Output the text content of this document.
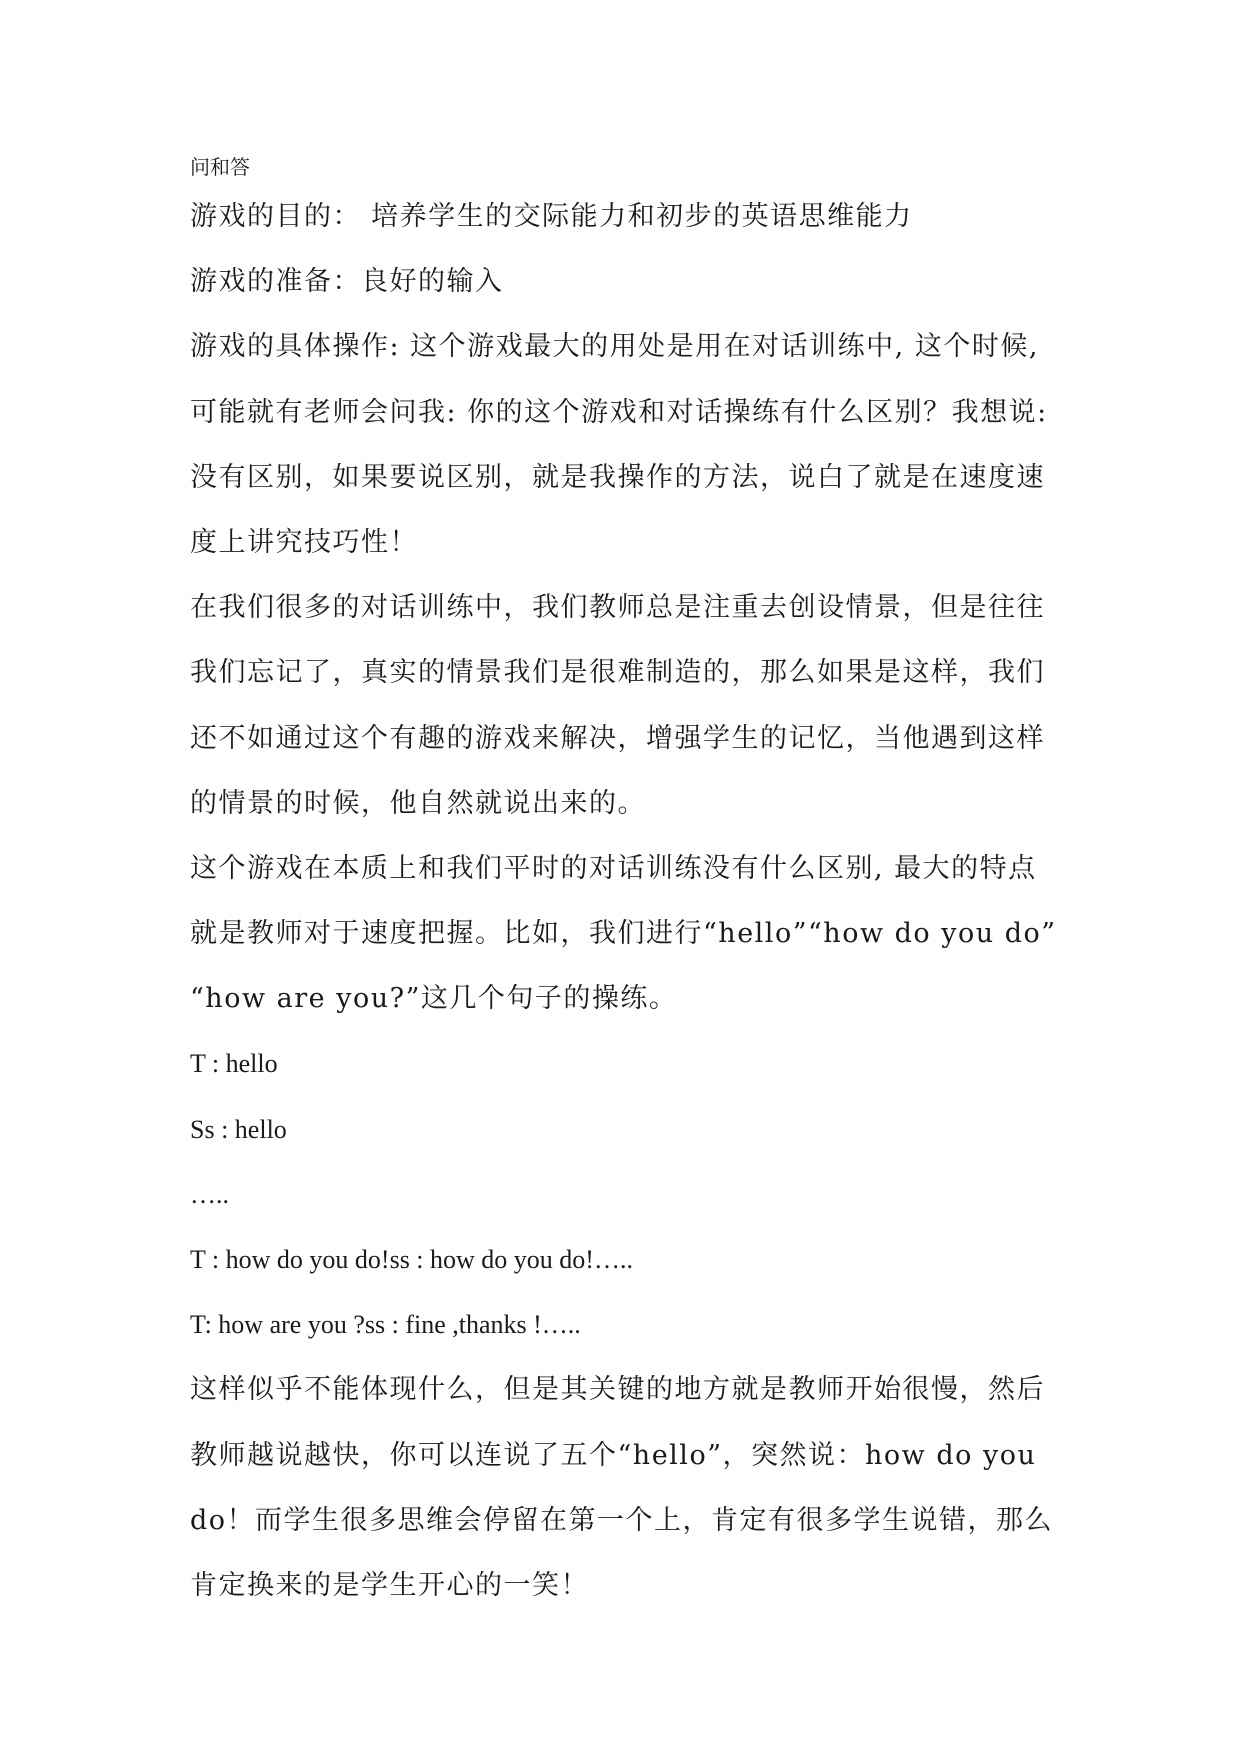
问和答

游戏的目的： 培养学生的交际能力和初步的英语思维能力

游戏的准备：良好的输入

游戏的具体操作: 这个游戏最大的用处是用在对话训练中, 这个时候,

可能就有老师会问我: 你的这个游戏和对话操练有什么区别？我想说:

没有区别，如果要说区别，就是我操作的方法，说白了就是在速度速

度上讲究技巧性！

在我们很多的对话训练中，我们教师总是注重去创设情景，但是往往

我们忘记了，真实的情景我们是很难制造的，那么如果是这样，我们

还不如通过这个有趣的游戏来解决，增强学生的记忆，当他遇到这样

的情景的时候，他自然就说出来的。

这个游戏在本质上和我们平时的对话训练没有什么区别, 最大的特点

就是教师对于速度把握。比如，我们进行“hello”“how do you do”

“how are you?”这几个句子的操练。

T : hello

Ss : hello

…..

T : how do you do!ss : how do you do!…..

T: how are you ?ss : fine ,thanks !…..

这样似乎不能体现什么，但是其关键的地方就是教师开始很慢，然后

教师越说越快，你可以连说了五个“hello”，突然说：how do you

do！而学生很多思维会停留在第一个上，肯定有很多学生说错，那么

肯定换来的是学生开心的一笑！
